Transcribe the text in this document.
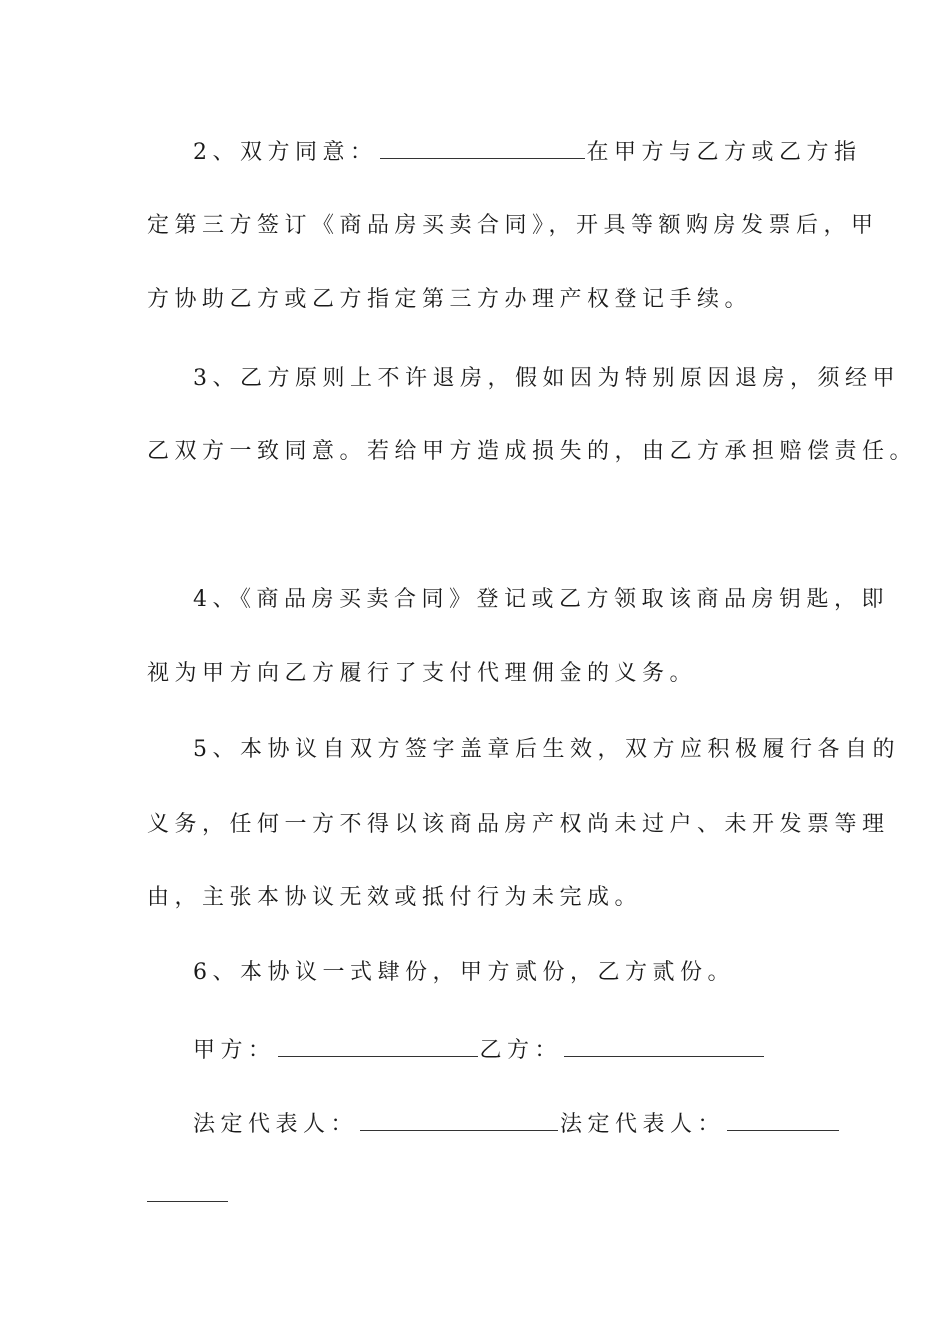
2、双方同意：	在甲方与乙方或乙方指
定第三方签订《商品房买卖合同》，开具等额购房发票后，甲
方协助乙方或乙方指定第三方办理产权登记手续。
3、乙方原则上不许退房，假如因为特别原因退房，须经甲
乙双方一致同意。若给甲方造成损失的，由乙方承担赔偿责任。
4、《商品房买卖合同》登记或乙方领取该商品房钥匙，即
视为甲方向乙方履行了支付代理佣金的义务。
5、本协议自双方签字盖章后生效，双方应积极履行各自的
义务，任何一方不得以该商品房产权尚未过户、未开发票等理
由，主张本协议无效或抵付行为未完成。
6、本协议一式肆份，甲方贰份，乙方贰份。
甲方：	乙方：
法定代表人：	法定代表人：
